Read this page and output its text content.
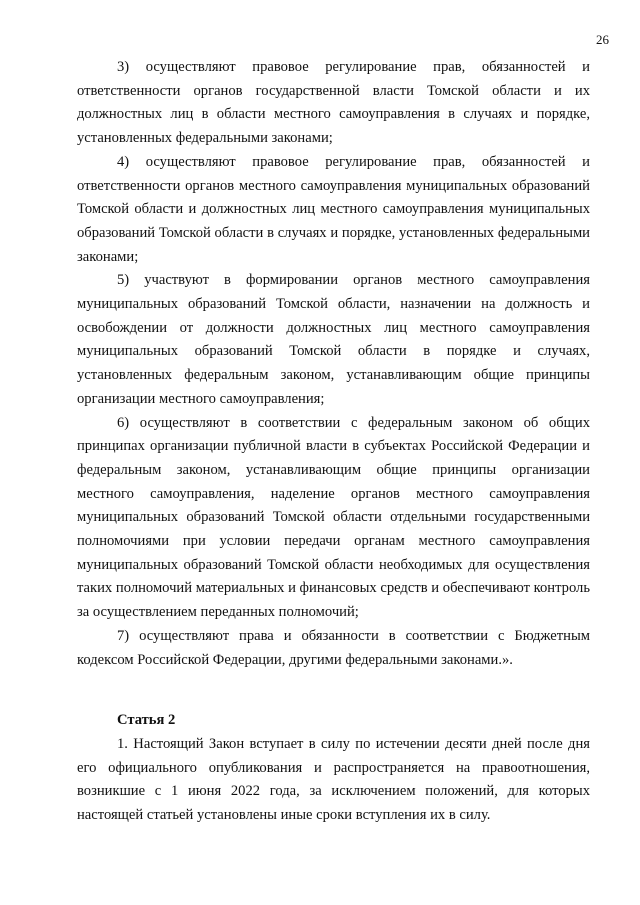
26

3) осуществляют правовое регулирование прав, обязанностей и ответственности органов государственной власти Томской области и их должностных лиц в области местного самоуправления в случаях и порядке, установленных федеральными законами;

4) осуществляют правовое регулирование прав, обязанностей и ответственности органов местного самоуправления муниципальных образований Томской области и должностных лиц местного самоуправления муниципальных образований Томской области в случаях и порядке, установленных федеральными законами;

5) участвуют в формировании органов местного самоуправления муниципальных образований Томской области, назначении на должность и освобождении от должности должностных лиц местного самоуправления муниципальных образований Томской области в порядке и случаях, установленных федеральным законом, устанавливающим общие принципы организации местного самоуправления;

6) осуществляют в соответствии с федеральным законом об общих принципах организации публичной власти в субъектах Российской Федерации и федеральным законом, устанавливающим общие принципы организации местного самоуправления, наделение органов местного самоуправления муниципальных образований Томской области отдельными государственными полномочиями при условии передачи органам местного самоуправления муниципальных образований Томской области необходимых для осуществления таких полномочий материальных и финансовых средств и обеспечивают контроль за осуществлением переданных полномочий;

7) осуществляют права и обязанности в соответствии с Бюджетным кодексом Российской Федерации, другими федеральными законами.».

Статья 2

1. Настоящий Закон вступает в силу по истечении десяти дней после дня его официального опубликования и распространяется на правоотношения, возникшие с 1 июня 2022 года, за исключением положений, для которых настоящей статьей установлены иные сроки вступления их в силу.
